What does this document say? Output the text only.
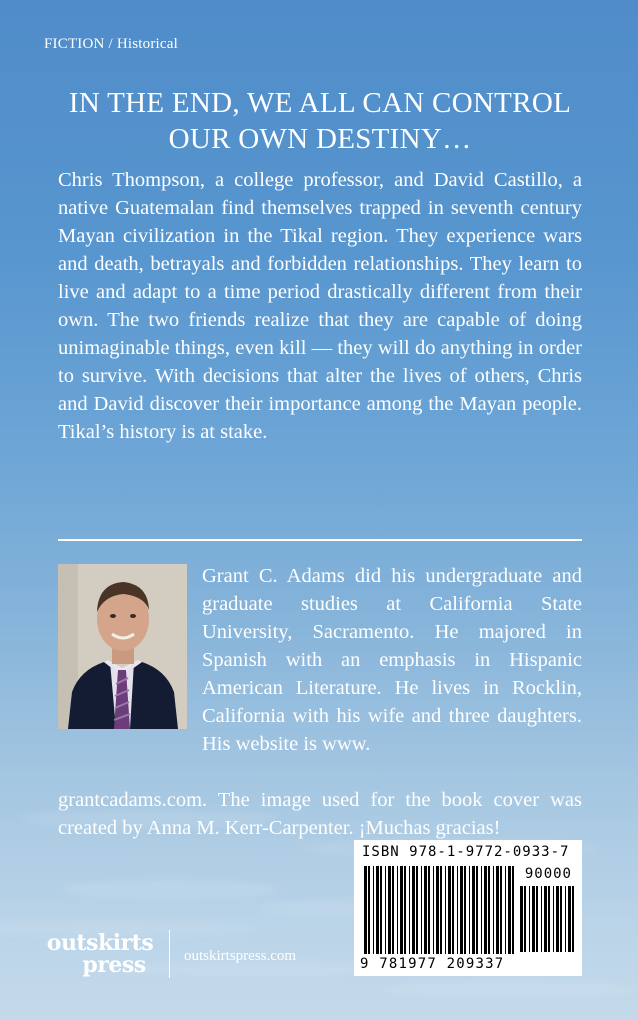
FICTION / Historical
IN THE END, WE ALL CAN CONTROL
OUR OWN DESTINY…
Chris Thompson, a college professor, and David Castillo, a native Guatemalan find themselves trapped in seventh century Mayan civilization in the Tikal region. They experience wars and death, betrayals and forbidden relationships. They learn to live and adapt to a time period drastically different from their own. The two friends realize that they are capable of doing unimaginable things, even kill — they will do anything in order to survive. With decisions that alter the lives of others, Chris and David discover their importance among the Mayan people. Tikal’s history is at stake.
Grant C. Adams did his undergraduate and graduate studies at California State University, Sacramento. He majored in Spanish with an emphasis in Hispanic American Literature. He lives in Rocklin, California with his wife and three daughters. His website is www.
grantcadams.com. The image used for the book cover was created by Anna M. Kerr-Carpenter. ¡Muchas gracias!
ISBN 978-1-9772-0933-7
90000
9 781977 209337
outskirts
press	outskirtspress.com
